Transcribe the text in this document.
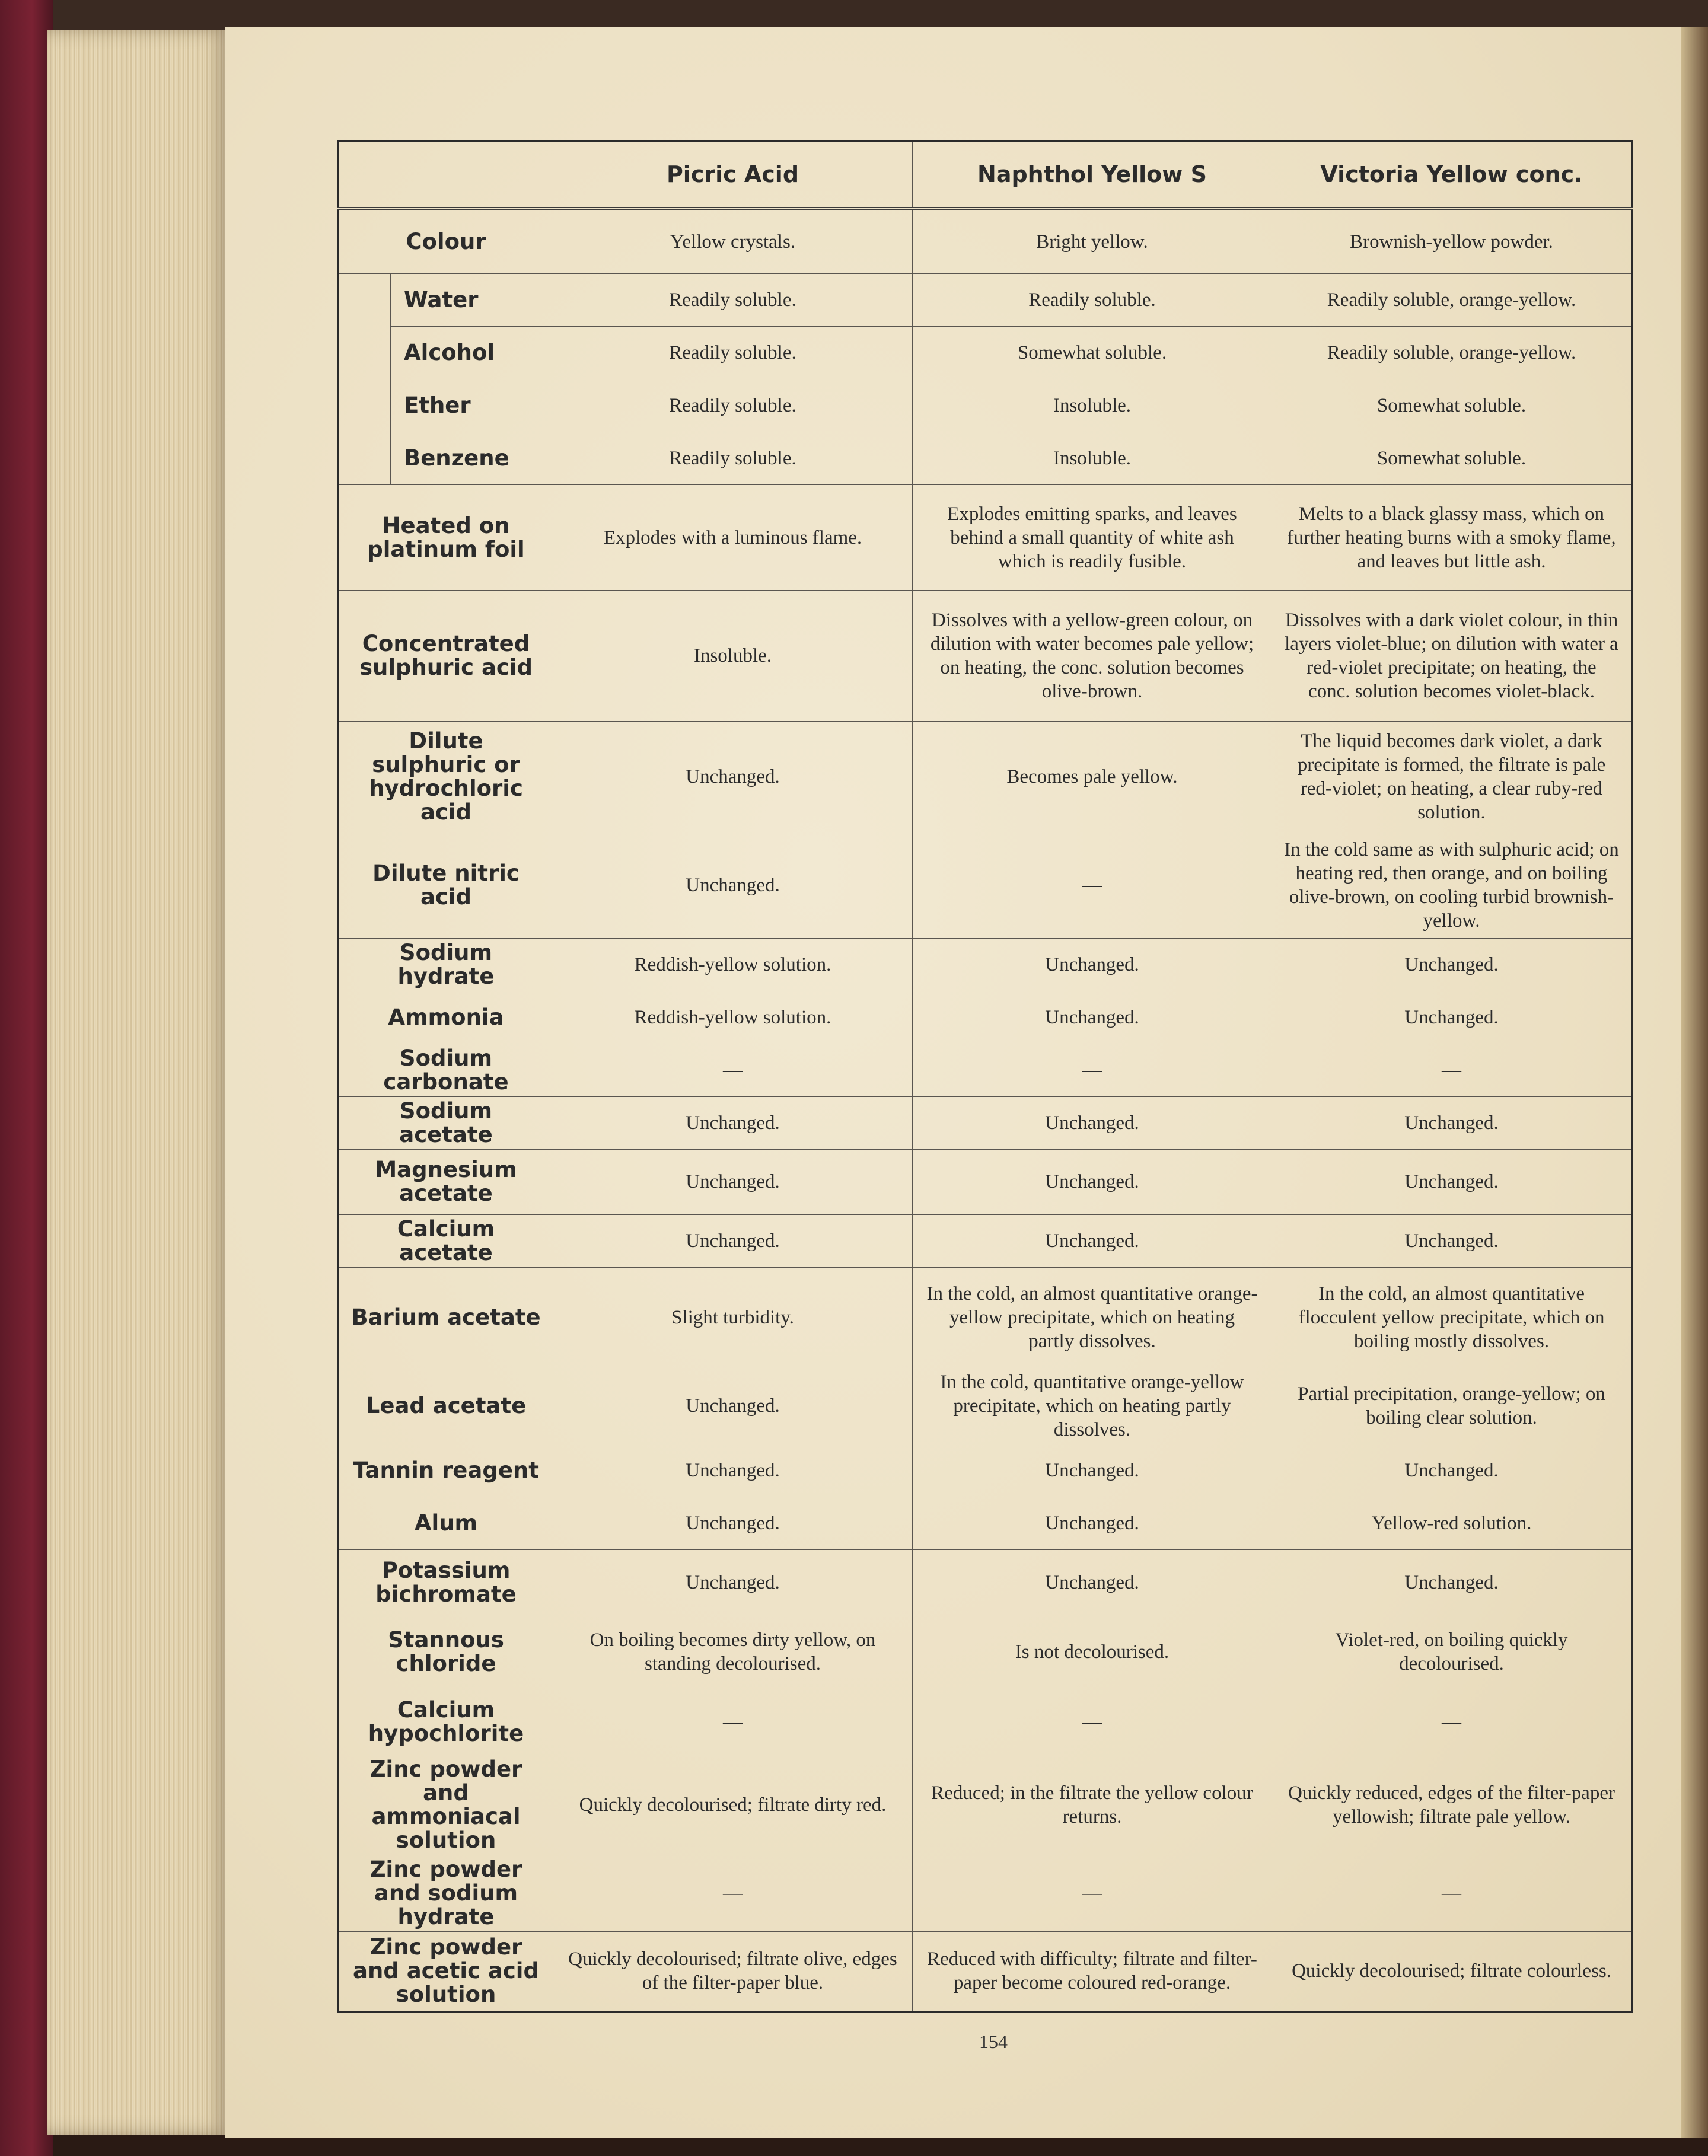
		Picric Acid	Naphthol Yellow S	Victoria Yellow conc.
Colour		Yellow crystals.	Bright yellow.	Brownish-yellow powder.
	Water	Readily soluble.	Readily soluble.	Readily soluble, orange-yellow.
	Alcohol	Readily soluble.	Somewhat soluble.	Readily soluble, orange-yellow.
	Ether	Readily soluble.	Insoluble.	Somewhat soluble.
	Benzene	Readily soluble.	Insoluble.	Somewhat soluble.
Heated on platinum foil		Explodes with a luminous flame.	Explodes emitting sparks, and leaves behind a small quantity of white ash which is readily fusible.	Melts to a black glassy mass, which on further heating burns with a smoky flame, and leaves but little ash.
Concentrated sulphuric acid		Insoluble.	Dissolves with a yellow-green colour, on dilution with water becomes pale yellow; on heating, the conc. solution becomes olive-brown.	Dissolves with a dark violet colour, in thin layers violet-blue; on dilution with water a red-violet precipitate; on heating, the conc. solution becomes violet-black.
Dilute sulphuric or hydrochloric acid		Unchanged.	Becomes pale yellow.	The liquid becomes dark violet, a dark precipitate is formed, the filtrate is pale red-violet; on heating, a clear ruby-red solution.
Dilute nitric acid		Unchanged.	—	In the cold same as with sulphuric acid; on heating red, then orange, and on boiling olive-brown, on cooling turbid brownish-yellow.
Sodium hydrate		Reddish-yellow solution.	Unchanged.	Unchanged.
Ammonia		Reddish-yellow solution.	Unchanged.	Unchanged.
Sodium carbonate		—	—	—
Sodium acetate		Unchanged.	Unchanged.	Unchanged.
Magnesium acetate		Unchanged.	Unchanged.	Unchanged.
Calcium acetate		Unchanged.	Unchanged.	Unchanged.
Barium acetate		Slight turbidity.	In the cold, an almost quantitative orange-yellow precipitate, which on heating partly dissolves.	In the cold, an almost quantitative flocculent yellow precipitate, which on boiling mostly dissolves.
Lead acetate		Unchanged.	In the cold, quantitative orange-yellow precipitate, which on heating partly dissolves.	Partial precipitation, orange-yellow; on boiling clear solution.
Tannin reagent		Unchanged.	Unchanged.	Unchanged.
Alum		Unchanged.	Unchanged.	Yellow-red solution.
Potassium bichromate		Unchanged.	Unchanged.	Unchanged.
Stannous chloride		On boiling becomes dirty yellow, on standing decolourised.	Is not decolourised.	Violet-red, on boiling quickly decolourised.
Calcium hypochlorite		—	—	—
Zinc powder and ammoniacal solution		Quickly decolourised; filtrate dirty red.	Reduced; in the filtrate the yellow colour returns.	Quickly reduced, edges of the filter-paper yellowish; filtrate pale yellow.
Zinc powder and sodium hydrate		—	—	—
Zinc powder and acetic acid solution		Quickly decolourised; filtrate olive, edges of the filter-paper blue.	Reduced with difficulty; filtrate and filter-paper become coloured red-orange.	Quickly decolourised; filtrate colourless.
154
